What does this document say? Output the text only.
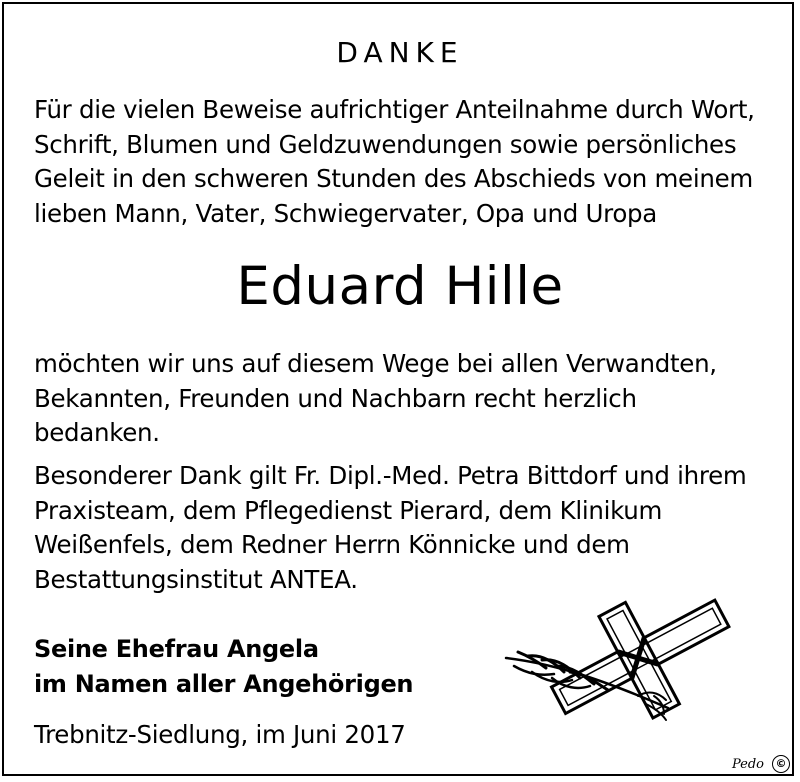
DANKE
Für die vielen Beweise aufrichtiger Anteilnahme durch Wort,
Schrift, Blumen und Geldzuwendungen sowie persönliches
Geleit in den schweren Stunden des Abschieds von meinem
lieben Mann, Vater, Schwiegervater, Opa und Uropa
Eduard Hille
möchten wir uns auf diesem Wege bei allen Verwandten,
Bekannten, Freunden und Nachbarn recht herzlich
bedanken.
Besonderer Dank gilt Fr. Dipl.-Med. Petra Bittdorf und ihrem
Praxisteam, dem Pflegedienst Pierard, dem Klinikum
Weißenfels, dem Redner Herrn Könnicke und dem
Bestattungsinstitut ANTEA.
Seine Ehefrau Angela
im Namen aller Angehörigen
Trebnitz-Siedlung, im Juni 2017
Pedo	©
